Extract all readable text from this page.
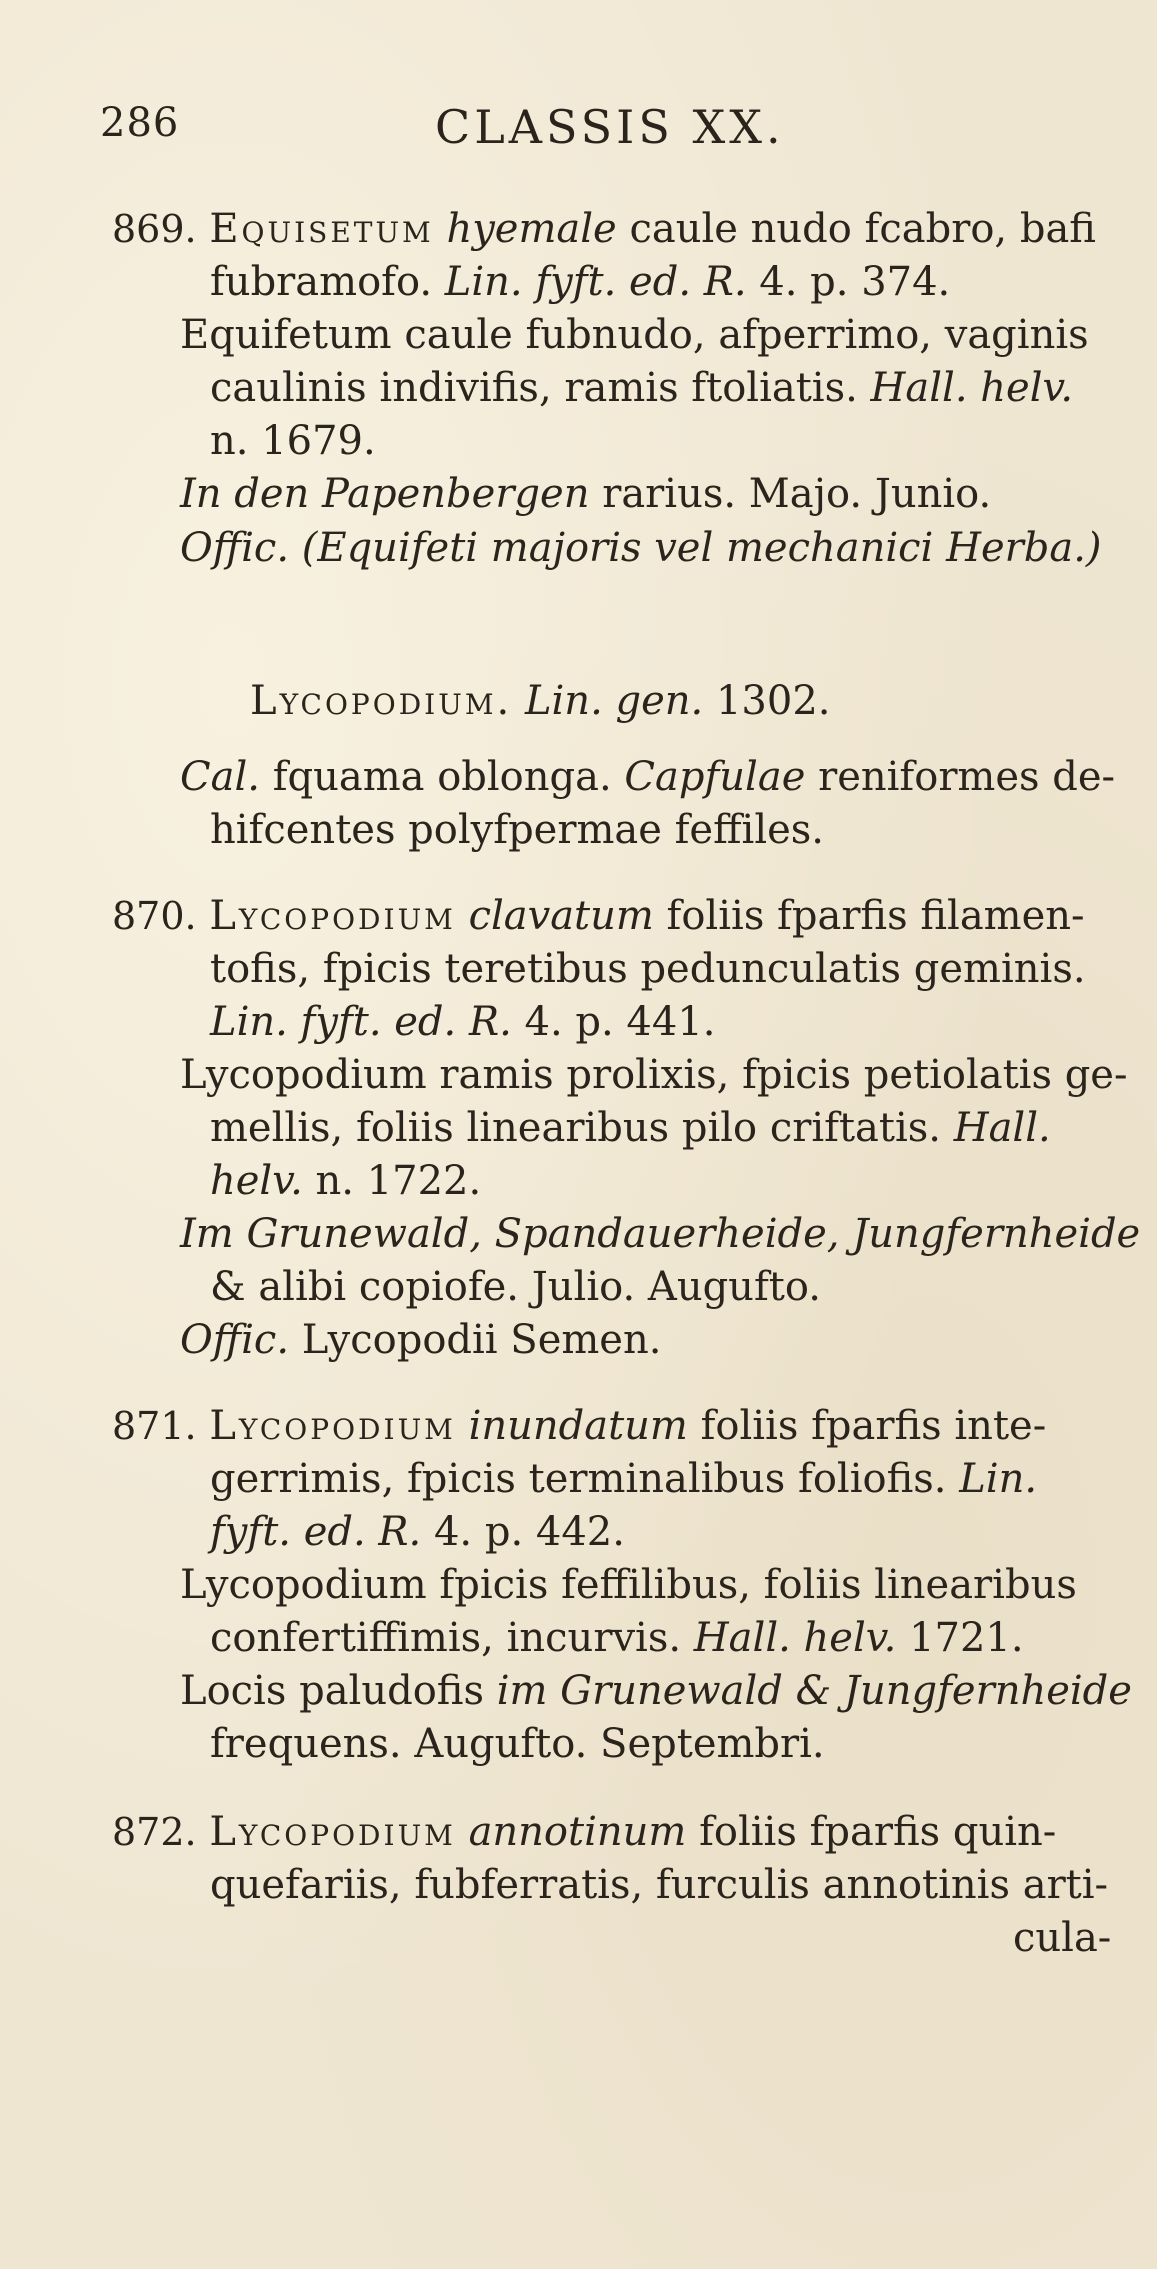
286	CLASSIS XX.
869. Equisetum hyemale caule nudo fcabro, bafi
fubramofo. Lin. fyft. ed. R. 4. p. 374.
Equifetum caule fubnudo, afperrimo, vaginis
caulinis indivifis, ramis ftoliatis. Hall. helv.
n. 1679.
In den Papenbergen rarius. Majo. Junio.
Offic. (Equifeti majoris vel mechanici Herba.)
Lycopodium. Lin. gen. 1302.
Cal. fquama oblonga. Capfulae reniformes de-
hifcentes polyfpermae feffiles.
870. Lycopodium clavatum foliis fparfis filamen-
tofis, fpicis teretibus pedunculatis geminis.
Lin. fyft. ed. R. 4. p. 441.
Lycopodium ramis prolixis, fpicis petiolatis ge-
mellis, foliis linearibus pilo criftatis. Hall.
helv. n. 1722.
Im Grunewald, Spandauerheide, Jungfernheide
& alibi copiofe. Julio. Augufto.
Offic. Lycopodii Semen.
871. Lycopodium inundatum foliis fparfis inte-
gerrimis, fpicis terminalibus foliofis. Lin.
fyft. ed. R. 4. p. 442.
Lycopodium fpicis feffilibus, foliis linearibus
confertiffimis, incurvis. Hall. helv. 1721.
Locis paludofis im Grunewald & Jungfernheide
frequens. Augufto. Septembri.
872. Lycopodium annotinum foliis fparfis quin-
quefariis, fubferratis, furculis annotinis arti-
cula-
